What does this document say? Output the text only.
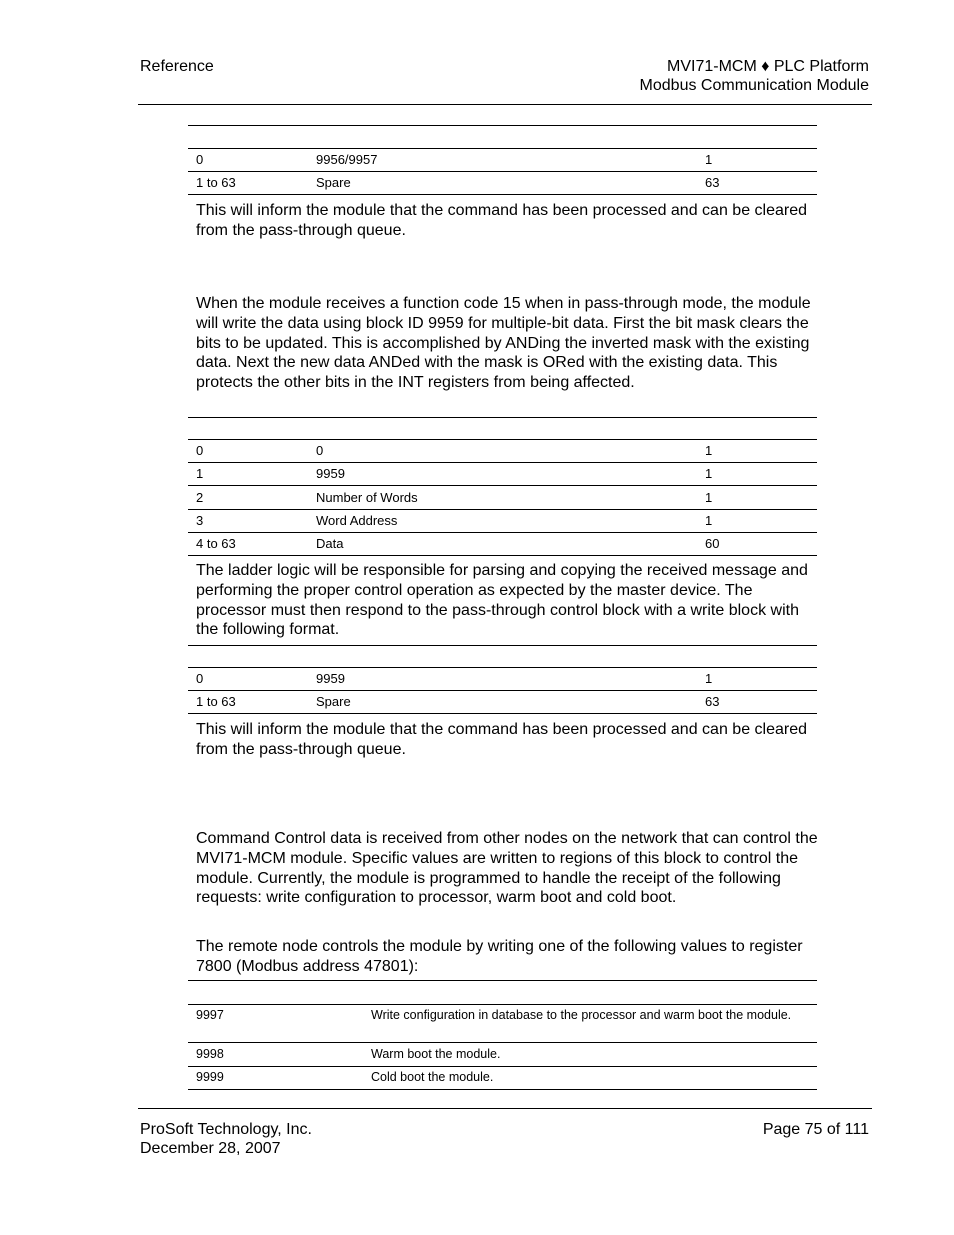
Reference	MVI71-MCM ♦ PLC Platform
Modbus Communication Module
0	9956/9957	1
1 to 63	Spare	63
This will inform the module that the command has been processed and can be cleared from the pass-through queue.
When the module receives a function code 15 when in pass-through mode, the module will write the data using block ID 9959 for multiple-bit data. First the bit mask clears the bits to be updated. This is accomplished by ANDing the inverted mask with the existing data. Next the new data ANDed with the mask is ORed with the existing data. This protects the other bits in the INT registers from being affected.
0	0	1
1	9959	1
2	Number of Words	1
3	Word Address	1
4 to 63	Data	60
The ladder logic will be responsible for parsing and copying the received message and performing the proper control operation as expected by the master device. The processor must then respond to the pass-through control block with a write block with the following format.
0	9959	1
1 to 63	Spare	63
This will inform the module that the command has been processed and can be cleared from the pass-through queue.
Command Control data is received from other nodes on the network that can control the MVI71-MCM module. Specific values are written to regions of this block to control the module. Currently, the module is programmed to handle the receipt of the following requests: write configuration to processor, warm boot and cold boot.
The remote node controls the module by writing one of the following values to register 7800 (Modbus address 47801):
9997	Write configuration in database to the processor and warm boot the module.
9998	Warm boot the module.
9999	Cold boot the module.
ProSoft Technology, Inc.
December 28, 2007
Page 75 of 111
